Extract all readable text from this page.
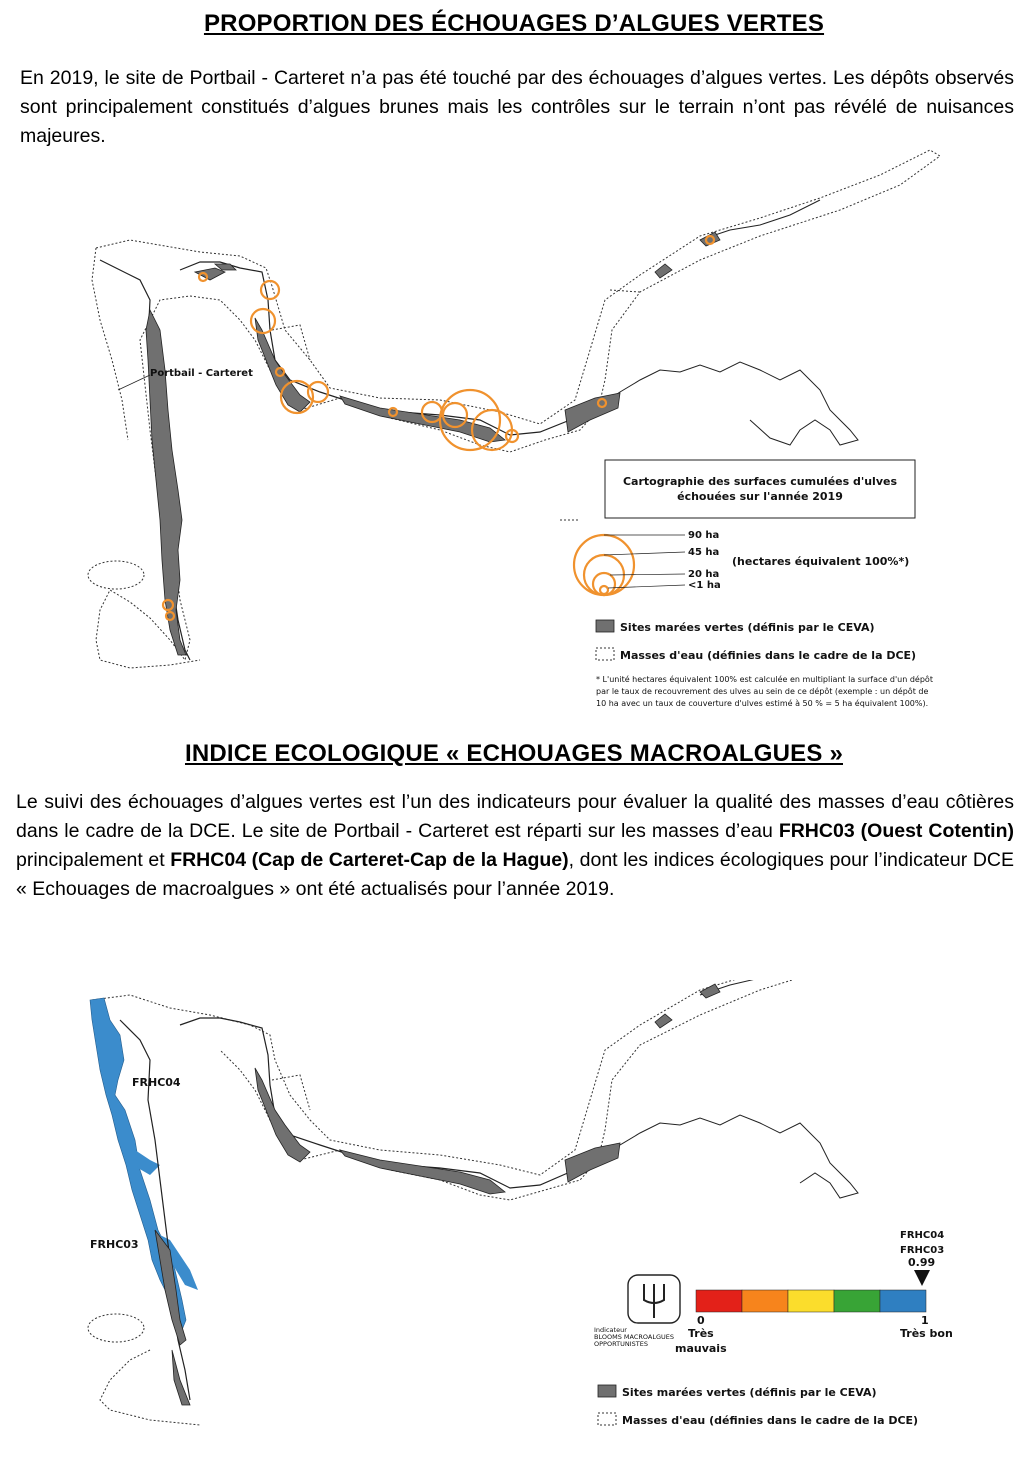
PROPORTION DES ÉCHOUAGES D’ALGUES VERTES
En 2019, le site de Portbail - Carteret n’a pas été touché par des échouages d’algues vertes. Les dépôts observés sont principalement constitués d’algues brunes mais les contrôles sur le terrain n’ont pas révélé de nuisances majeures.
Portbail - Carteret
Cartographie des surfaces cumulées d'ulves
échouées sur l'année 2019
90 ha
45 ha
20 ha
<1 ha
(hectares équivalent 100%*)
Sites marées vertes (définis par le CEVA)
Masses d'eau (définies dans le cadre de la DCE)
* L'unité hectares équivalent 100% est calculée en multipliant la surface d'un dépôt
par le taux de recouvrement des ulves au sein de ce dépôt (exemple : un dépôt de
10 ha avec un taux de couverture d'ulves estimé à 50 % = 5 ha équivalent 100%).
INDICE ECOLOGIQUE « ECHOUAGES MACROALGUES »
Le suivi des échouages d’algues vertes est l’un des indicateurs pour évaluer la qualité des masses d’eau côtières dans le cadre de la DCE. Le site de Portbail - Carteret est réparti sur les masses d’eau FRHC03 (Ouest Cotentin) principalement et FRHC04 (Cap de Carteret-Cap de la Hague), dont les indices écologiques pour l’indicateur DCE « Echouages de macroalgues » ont été actualisés pour l’année 2019.
FRHC04
FRHC03
Indicateur
BLOOMS MACROALGUES
OPPORTUNISTES
FRHC04
FRHC03
0.99
0
Très
mauvais
1
Très bon
Sites marées vertes (définis par le CEVA)
Masses d'eau (définies dans le cadre de la DCE)
